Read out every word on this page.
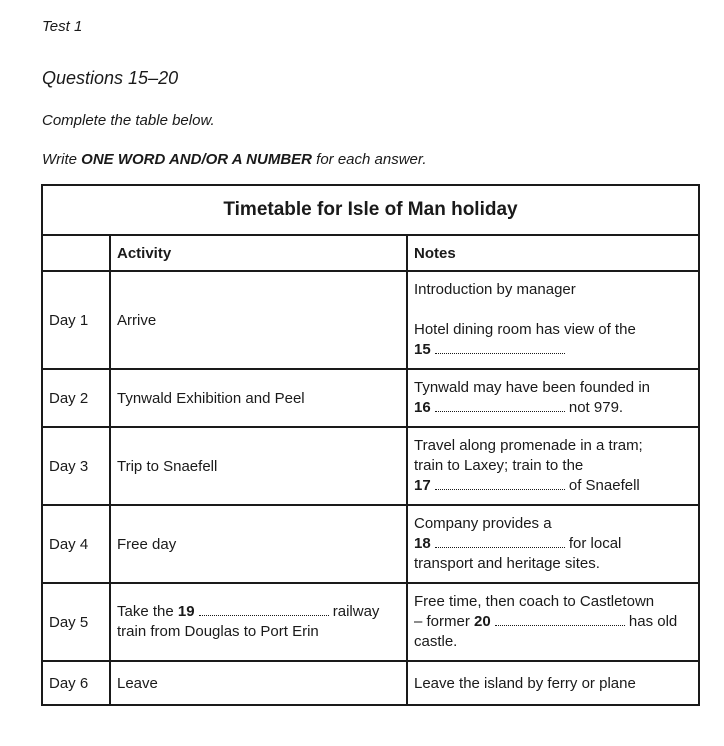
Test 1

Questions 15–20

Complete the table below.

Write ONE WORD AND/OR A NUMBER for each answer.

Timetable for Isle of Man holiday		
	Activity	Notes
Day 1	Arrive	Introduction by manager
Hotel dining room has view of the
15

Day 2	Tynwald Exhibition and Peel	Tynwald may have been founded in
16 not 979.

Day 3	Trip to Snaefell	Travel along promenade in a tram;
train to Laxey; train to the
17 of Snaefell

Day 4	Free day	Company provides a
18 for local
transport and heritage sites.

Day 5	Take the 19 railway
train from Douglas to Port Erin	Free time, then coach to Castletown
– former 20 has old
castle.

Day 6	Leave	Leave the island by ferry or plane
